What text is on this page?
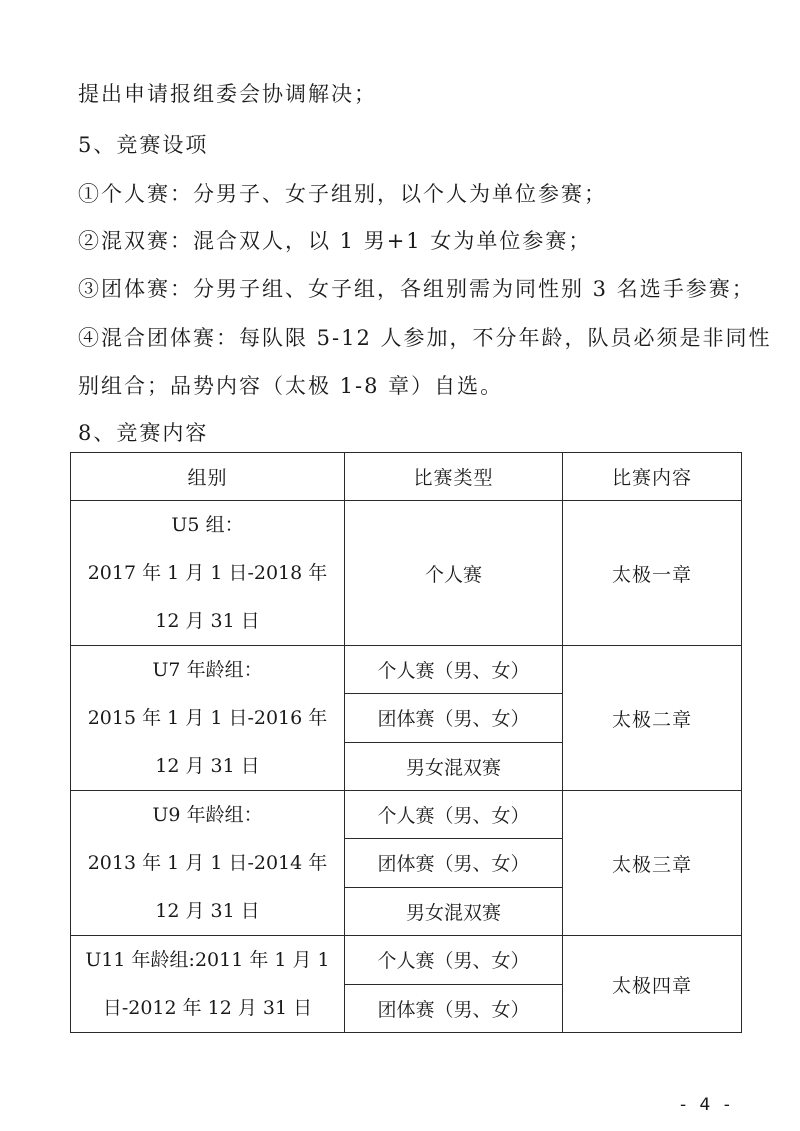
提出申请报组委会协调解决；
5、竞赛设项
①个人赛：分男子、女子组别，以个人为单位参赛；
②混双赛：混合双人，以 1 男+1 女为单位参赛；
③团体赛：分男子组、女子组，各组别需为同性别 3 名选手参赛；
④混合团体赛：每队限 5-12 人参加，不分年龄，队员必须是非同性
别组合；品势内容（太极 1-8 章）自选。
8、竞赛内容
组别	比赛类型	比赛内容

U5 组：
2017 年 1 月 1 日-2018 年
12 月 31 日	个人赛	太极一章

U7 年龄组：
2015 年 1 月 1 日-2016 年
12 月 31 日	个人赛（男、女）	太极二章
	团体赛（男、女）	
	男女混双赛	

U9 年龄组：
2013 年 1 月 1 日-2014 年
12 月 31 日	个人赛（男、女）	太极三章
	团体赛（男、女）	
	男女混双赛	

U11 年龄组:2011 年 1 月 1
日-2012 年 12 月 31 日	个人赛（男、女）	太极四章
	团体赛（男、女）	
- 4 -
